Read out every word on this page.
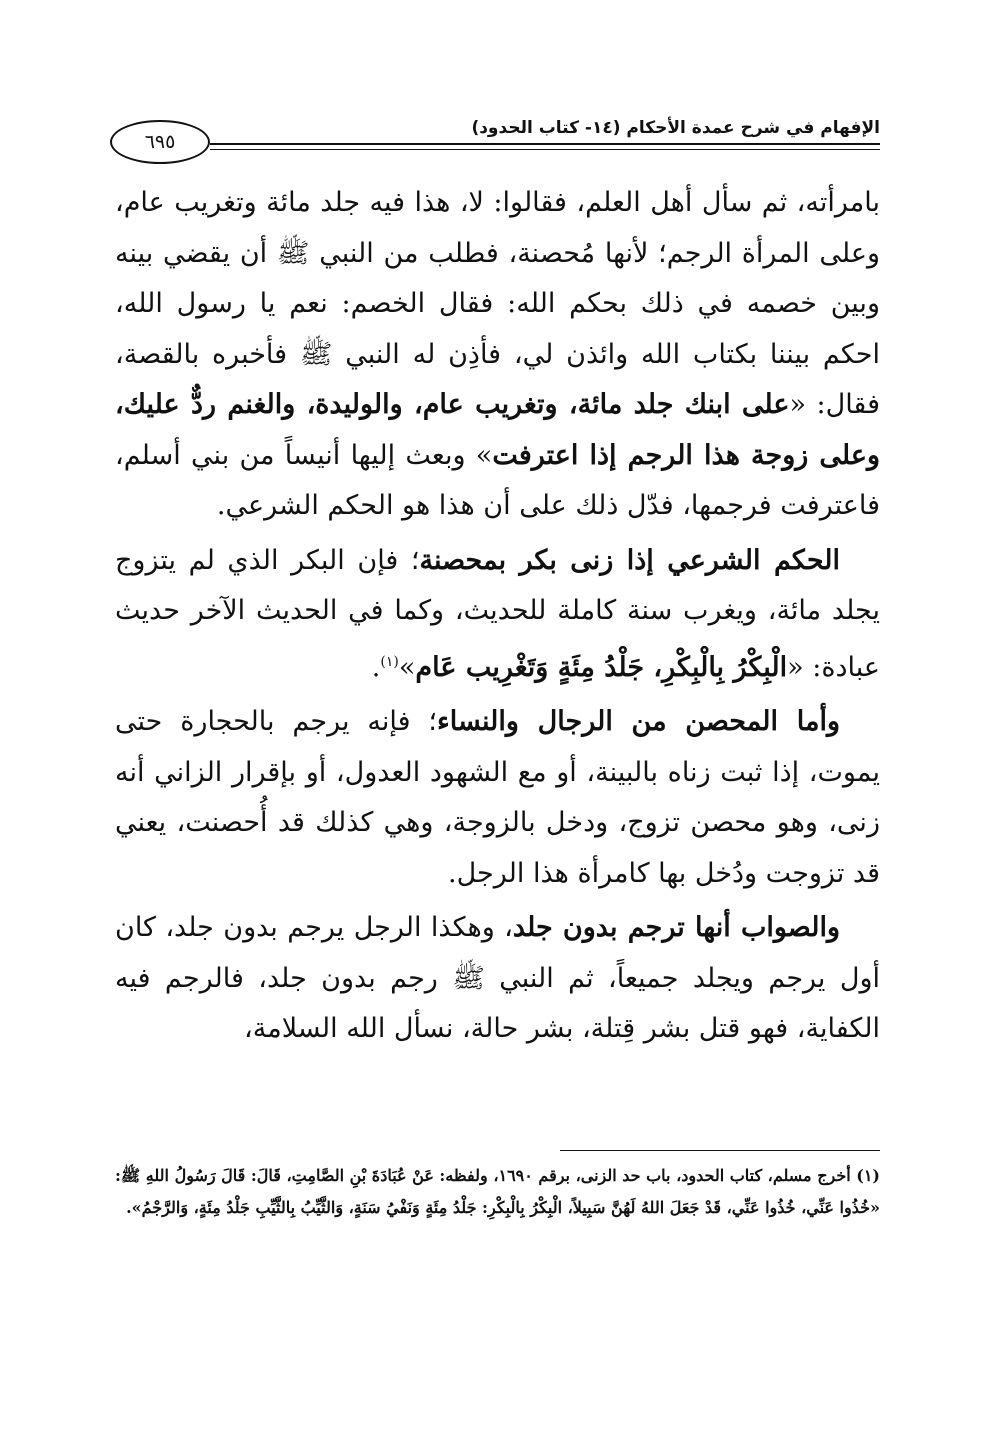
الإفهام في شرح عمدة الأحكام (١٤- كتاب الحدود)
٦٩٥

بامرأته، ثم سأل أهل العلم، فقالوا: لا، هذا فيه جلد مائة وتغريب عام، وعلى المرأة الرجم؛ لأنها مُحصنة، فطلب من النبي ﷺ أن يقضي بينه وبين خصمه في ذلك بحكم الله: فقال الخصم: نعم يا رسول الله، احكم بيننا بكتاب الله وائذن لي، فأذِن له النبي ﷺ فأخبره بالقصة، فقال: «على ابنك جلد مائة، وتغريب عام، والوليدة، والغنم ردٌّ عليك، وعلى زوجة هذا الرجم إذا اعترفت» وبعث إليها أنيساً من بني أسلم، فاعترفت فرجمها، فدّل ذلك على أن هذا هو الحكم الشرعي.

الحكم الشرعي إذا زنى بكر بمحصنة؛ فإن البكر الذي لم يتزوج يجلد مائة، ويغرب سنة كاملة للحديث، وكما في الحديث الآخر حديث عبادة: «الْبِكْرُ بِالْبِكْرِ، جَلْدُ مِئَةٍ وَتَغْرِيب عَام»$^{(١)}$.

وأما المحصن من الرجال والنساء؛ فإنه يرجم بالحجارة حتى يموت، إذا ثبت زناه بالبينة، أو مع الشهود العدول، أو بإقرار الزاني أنه زنى، وهو محصن تزوج، ودخل بالزوجة، وهي كذلك قد أُحصنت، يعني قد تزوجت ودُخل بها كامرأة هذا الرجل.

والصواب أنها ترجم بدون جلد، وهكذا الرجل يرجم بدون جلد، كان أول يرجم ويجلد جميعاً، ثم النبي ﷺ رجم بدون جلد، فالرجم فيه الكفاية، فهو قتل بشر قِتلة، بشر حالة، نسأل الله السلامة،

(١) أخرج مسلم، كتاب الحدود، باب حد الزنى، برقم ١٦٩٠، ولفظه: عَنْ عُبَادَةَ بْنِ الصَّامِتِ، قَالَ: قَالَ رَسُولُ اللهِ ﷺ: «خُذُوا عَنِّي، خُذُوا عَنِّي، قَدْ جَعَلَ اللهُ لَهُنَّ سَبِيلاً، الْبِكْرُ بِالْبِكْرِ: جَلْدُ مِئَةٍ وَنَفْيُ سَنَةٍ، وَالثَّيِّبُ بِالثَّيِّبِ جَلْدُ مِئَةٍ، وَالرَّجْمُ».
